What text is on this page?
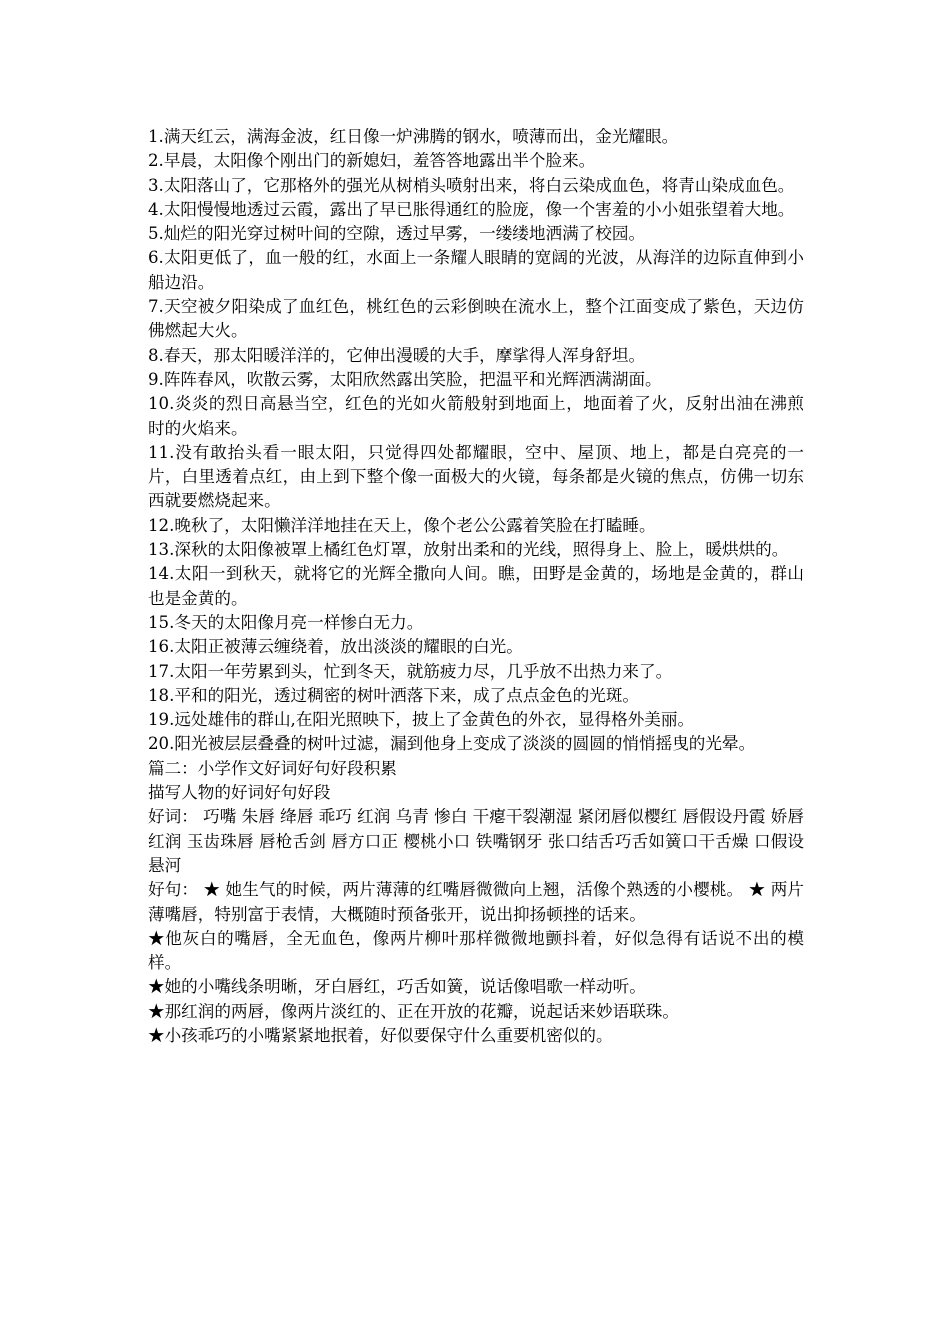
1.满天红云，满海金波，红日像一炉沸腾的钢水，喷薄而出，金光耀眼。

2.早晨，太阳像个刚出门的新媳妇，羞答答地露出半个脸来。

3.太阳落山了，它那格外的强光从树梢头喷射出来，将白云染成血色，将青山染成血色。

4.太阳慢慢地透过云霞，露出了早已胀得通红的脸庞，像一个害羞的小小姐张望着大地。

5.灿烂的阳光穿过树叶间的空隙，透过早雾，一缕缕地洒满了校园。

6.太阳更低了，血一般的红，水面上一条耀人眼睛的宽阔的光波，从海洋的边际直伸到小船边沿。

7.天空被夕阳染成了血红色，桃红色的云彩倒映在流水上，整个江面变成了紫色，天边仿佛燃起大火。

8.春天，那太阳暖洋洋的，它伸出漫暖的大手，摩挲得人浑身舒坦。

9.阵阵春风，吹散云雾，太阳欣然露出笑脸，把温平和光辉洒满湖面。

10.炎炎的烈日高悬当空，红色的光如火箭般射到地面上，地面着了火，反射出油在沸煎时的火焰来。

11.没有敢抬头看一眼太阳，只觉得四处都耀眼，空中、屋顶、地上，都是白亮亮的一片，白里透着点红，由上到下整个像一面极大的火镜，每条都是火镜的焦点，仿佛一切东西就要燃烧起来。

12.晚秋了，太阳懒洋洋地挂在天上，像个老公公露着笑脸在打瞌睡。

13.深秋的太阳像被罩上橘红色灯罩，放射出柔和的光线，照得身上、脸上，暖烘烘的。

14.太阳一到秋天，就将它的光辉全撒向人间。瞧，田野是金黄的，场地是金黄的，群山也是金黄的。

15.冬天的太阳像月亮一样惨白无力。

16.太阳正被薄云缠绕着，放出淡淡的耀眼的白光。

17.太阳一年劳累到头，忙到冬天，就筋疲力尽，几乎放不出热力来了。

18.平和的阳光，透过稠密的树叶洒落下来，成了点点金色的光斑。

19.远处雄伟的群山,在阳光照映下，披上了金黄色的外衣，显得格外美丽。

20.阳光被层层叠叠的树叶过滤，漏到他身上变成了淡淡的圆圆的悄悄摇曳的光晕。

篇二：小学作文好词好句好段积累

描写人物的好词好句好段

好词： 巧嘴 朱唇 绛唇 乖巧 红润 乌青 惨白 干瘪干裂潮湿 紧闭唇似樱红 唇假设丹霞 娇唇红润 玉齿珠唇 唇枪舌剑 唇方口正 樱桃小口 铁嘴钢牙 张口结舌巧舌如簧口干舌燥 口假设悬河

好句： ★ 她生气的时候，两片薄薄的红嘴唇微微向上翘，活像个熟透的小樱桃。 ★ 两片薄嘴唇，特别富于表情，大概随时预备张开，说出抑扬顿挫的话来。

★他灰白的嘴唇，全无血色，像两片柳叶那样微微地颤抖着，好似急得有话说不出的模样。

★她的小嘴线条明晰，牙白唇红，巧舌如簧，说话像唱歌一样动听。

★那红润的两唇，像两片淡红的、正在开放的花瓣，说起话来妙语联珠。

★小孩乖巧的小嘴紧紧地抿着，好似要保守什么重要机密似的。
